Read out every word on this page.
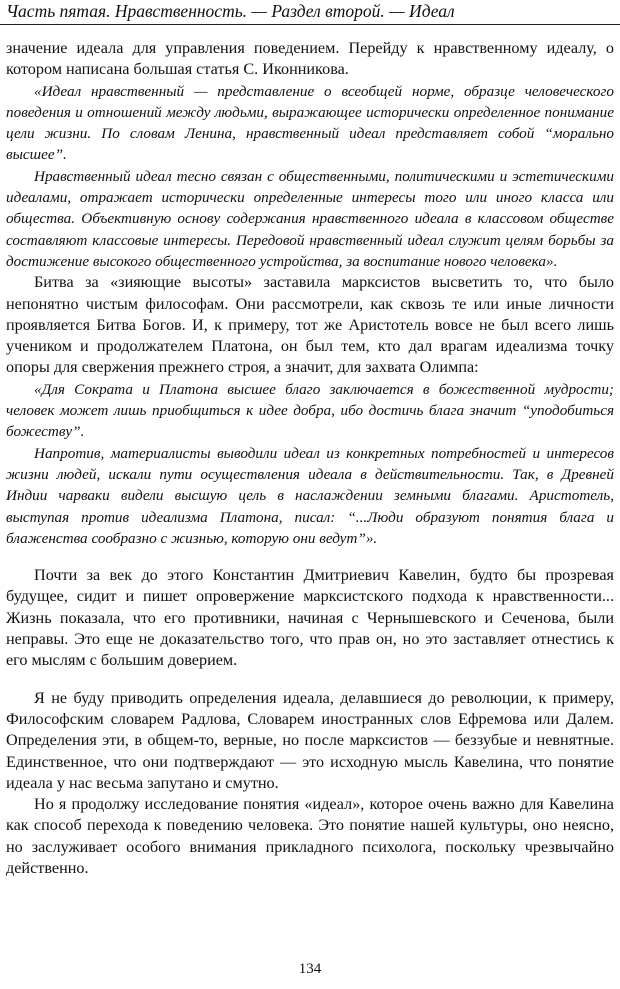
Часть пятая. Нравственность. — Раздел второй. — Идеал

значение идеала для управления поведением. Перейду к нравственному идеалу, о котором написана большая статья С. Иконникова.

«Идеал нравственный — представление о всеобщей норме, образце человеческого поведения и отношений между людьми, выражающее исторически определенное понимание цели жизни. По словам Ленина, нравственный идеал представляет собой “морально высшее”.

Нравственный идеал тесно связан с общественными, политическими и эстетическими идеалами, отражает исторически определенные интересы того или иного класса или общества. Объективную основу содержания нравственного идеала в классовом обществе составляют классовые интересы. Передовой нравственный идеал служит целям борьбы за достижение высокого общественного устройства, за воспитание нового человека».

Битва за «зияющие высоты» заставила марксистов высветить то, что было непонятно чистым философам. Они рассмотрели, как сквозь те или иные личности проявляется Битва Богов. И, к примеру, тот же Аристотель вовсе не был всего лишь учеником и продолжателем Платона, он был тем, кто дал врагам идеализма точку опоры для свержения прежнего строя, а значит, для захвата Олимпа:

«Для Сократа и Платона высшее благо заключается в божественной мудрости; человек может лишь приобщиться к идее добра, ибо достичь блага значит “уподобиться божеству”.

Напротив, материалисты выводили идеал из конкретных потребностей и интересов жизни людей, искали пути осуществления идеала в действительности. Так, в Древней Индии чарваки видели высшую цель в наслаждении земными благами. Аристотель, выступая против идеализма Платона, писал: “...Люди образуют понятия блага и блаженства сообразно с жизнью, которую они ведут”».

Почти за век до этого Константин Дмитриевич Кавелин, будто бы прозревая будущее, сидит и пишет опровержение марксистского подхода к нравственности... Жизнь показала, что его противники, начиная с Чернышевского и Сеченова, были неправы. Это еще не доказательство того, что прав он, но это заставляет отнестись к его мыслям с большим доверием.

Я не буду приводить определения идеала, делавшиеся до революции, к примеру, Философским словарем Радлова, Словарем иностранных слов Ефремова или Далем. Определения эти, в общем-то, верные, но после марксистов — беззубые и невнятные. Единственное, что они подтверждают — это исходную мысль Кавелина, что понятие идеала у нас весьма запутано и смутно.

Но я продолжу исследование понятия «идеал», которое очень важно для Кавелина как способ перехода к поведению человека. Это понятие нашей культуры, оно неясно, но заслуживает особого внимания прикладного психолога, поскольку чрезвычайно действенно.

134
